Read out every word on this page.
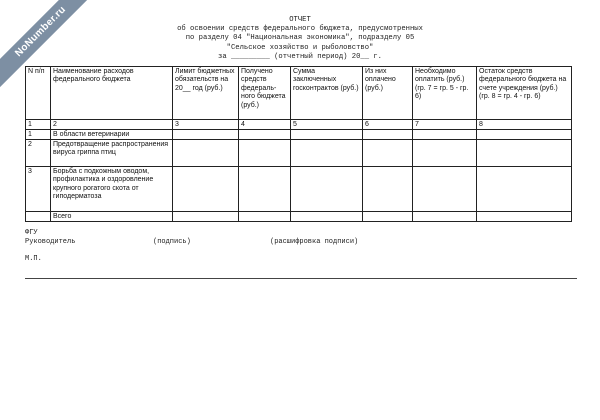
NoNumber.ru	ОТЧЕТ
об освоении средств федерального бюджета, предусмотренных
по разделу 04 "Национальная экономика", подразделу 05
"Сельское хозяйство и рыболовство"
за _________ (отчетный период) 20__ г.
N п/п	Наименование расходов федерального бюджета	Лимит бюджетных обязательств на 20__ год (руб.)	Получено средств федераль- ного бюджета (руб.)	Сумма заключенных госконтрактов (руб.)	Из них оплачено (руб.)	Необходимо оплатить (руб.) (гр. 7 = гр. 5 - гр. 6)	Остаток средств федерального бюджета на счете учреждения (руб.) (гр. 8 = гр. 4 - гр. 6)
1	2	3	4	5	6	7	8
1	В области ветеринарии						
2	Предотвращение распространения вируса гриппа птиц						
3	Борьба с подкожным оводом, профилактика и оздоровление крупного рогатого скота от гиподерматоза						
	Всего						
ФГУ
Руководитель	(подпись)	(расшифровка подписи)
М.П.
